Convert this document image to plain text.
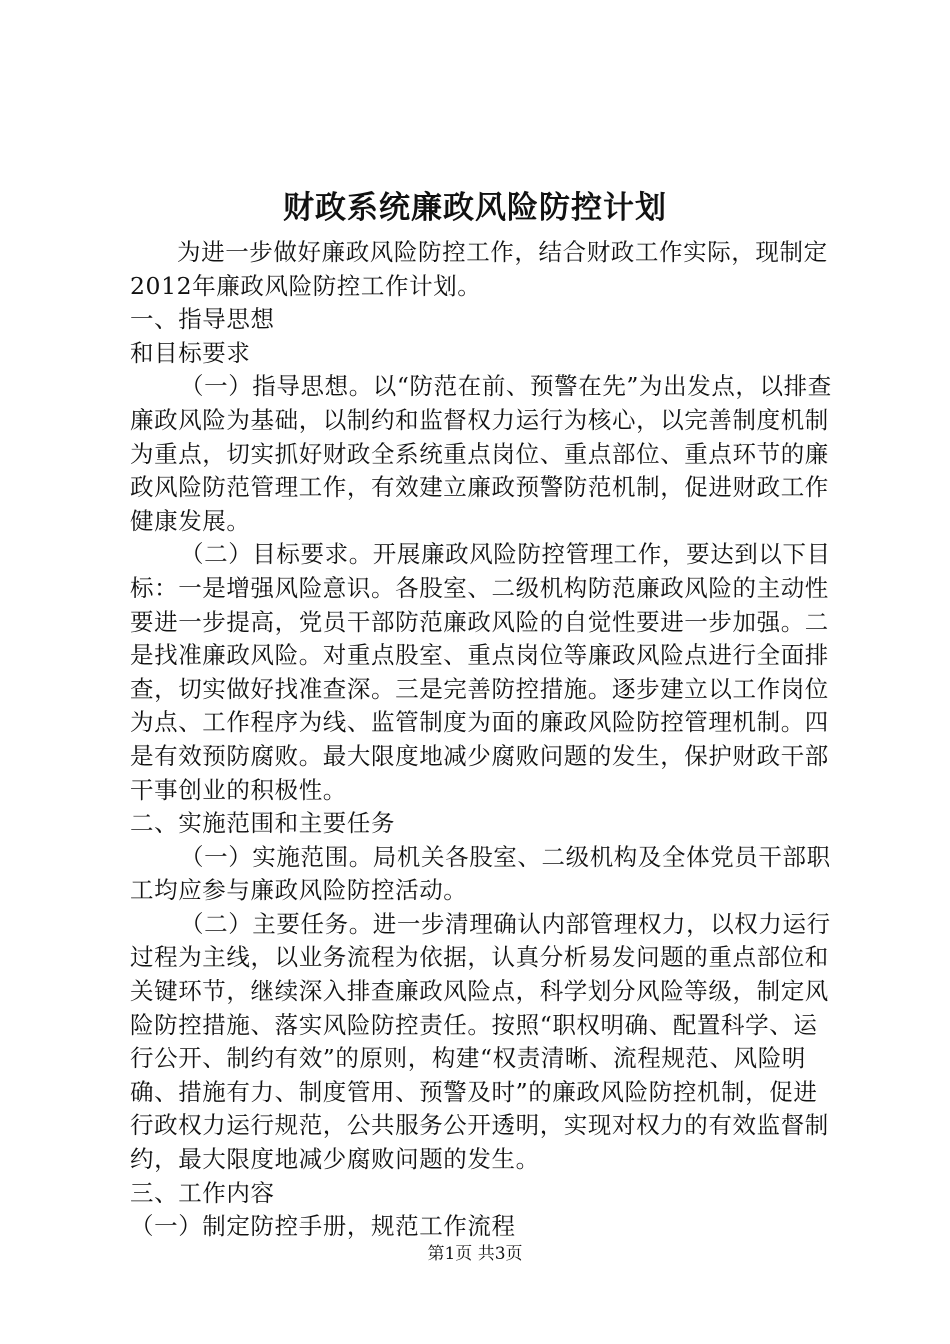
财政系统廉政风险防控计划

为进一步做好廉政风险防控工作，结合财政工作实际，现制定2012年廉政风险防控工作计划。

一、指导思想

和目标要求

（一）指导思想。以“防范在前、预警在先”为出发点，以排查廉政风险为基础，以制约和监督权力运行为核心，以完善制度机制为重点，切实抓好财政全系统重点岗位、重点部位、重点环节的廉政风险防范管理工作，有效建立廉政预警防范机制，促进财政工作健康发展。

（二）目标要求。开展廉政风险防控管理工作，要达到以下目标：一是增强风险意识。各股室、二级机构防范廉政风险的主动性要进一步提高，党员干部防范廉政风险的自觉性要进一步加强。二是找准廉政风险。对重点股室、重点岗位等廉政风险点进行全面排查，切实做好找准查深。三是完善防控措施。逐步建立以工作岗位为点、工作程序为线、监管制度为面的廉政风险防控管理机制。四是有效预防腐败。最大限度地减少腐败问题的发生，保护财政干部干事创业的积极性。

二、实施范围和主要任务

（一）实施范围。局机关各股室、二级机构及全体党员干部职工均应参与廉政风险防控活动。

（二）主要任务。进一步清理确认内部管理权力，以权力运行过程为主线，以业务流程为依据，认真分析易发问题的重点部位和关键环节，继续深入排查廉政风险点，科学划分风险等级，制定风险防控措施、落实风险防控责任。按照“职权明确、配置科学、运行公开、制约有效”的原则，构建“权责清晰、流程规范、风险明确、措施有力、制度管用、预警及时”的廉政风险防控机制，促进行政权力运行规范，公共服务公开透明，实现对权力的有效监督制约，最大限度地减少腐败问题的发生。

三、工作内容

（一）制定防控手册，规范工作流程

第1页 共3页
